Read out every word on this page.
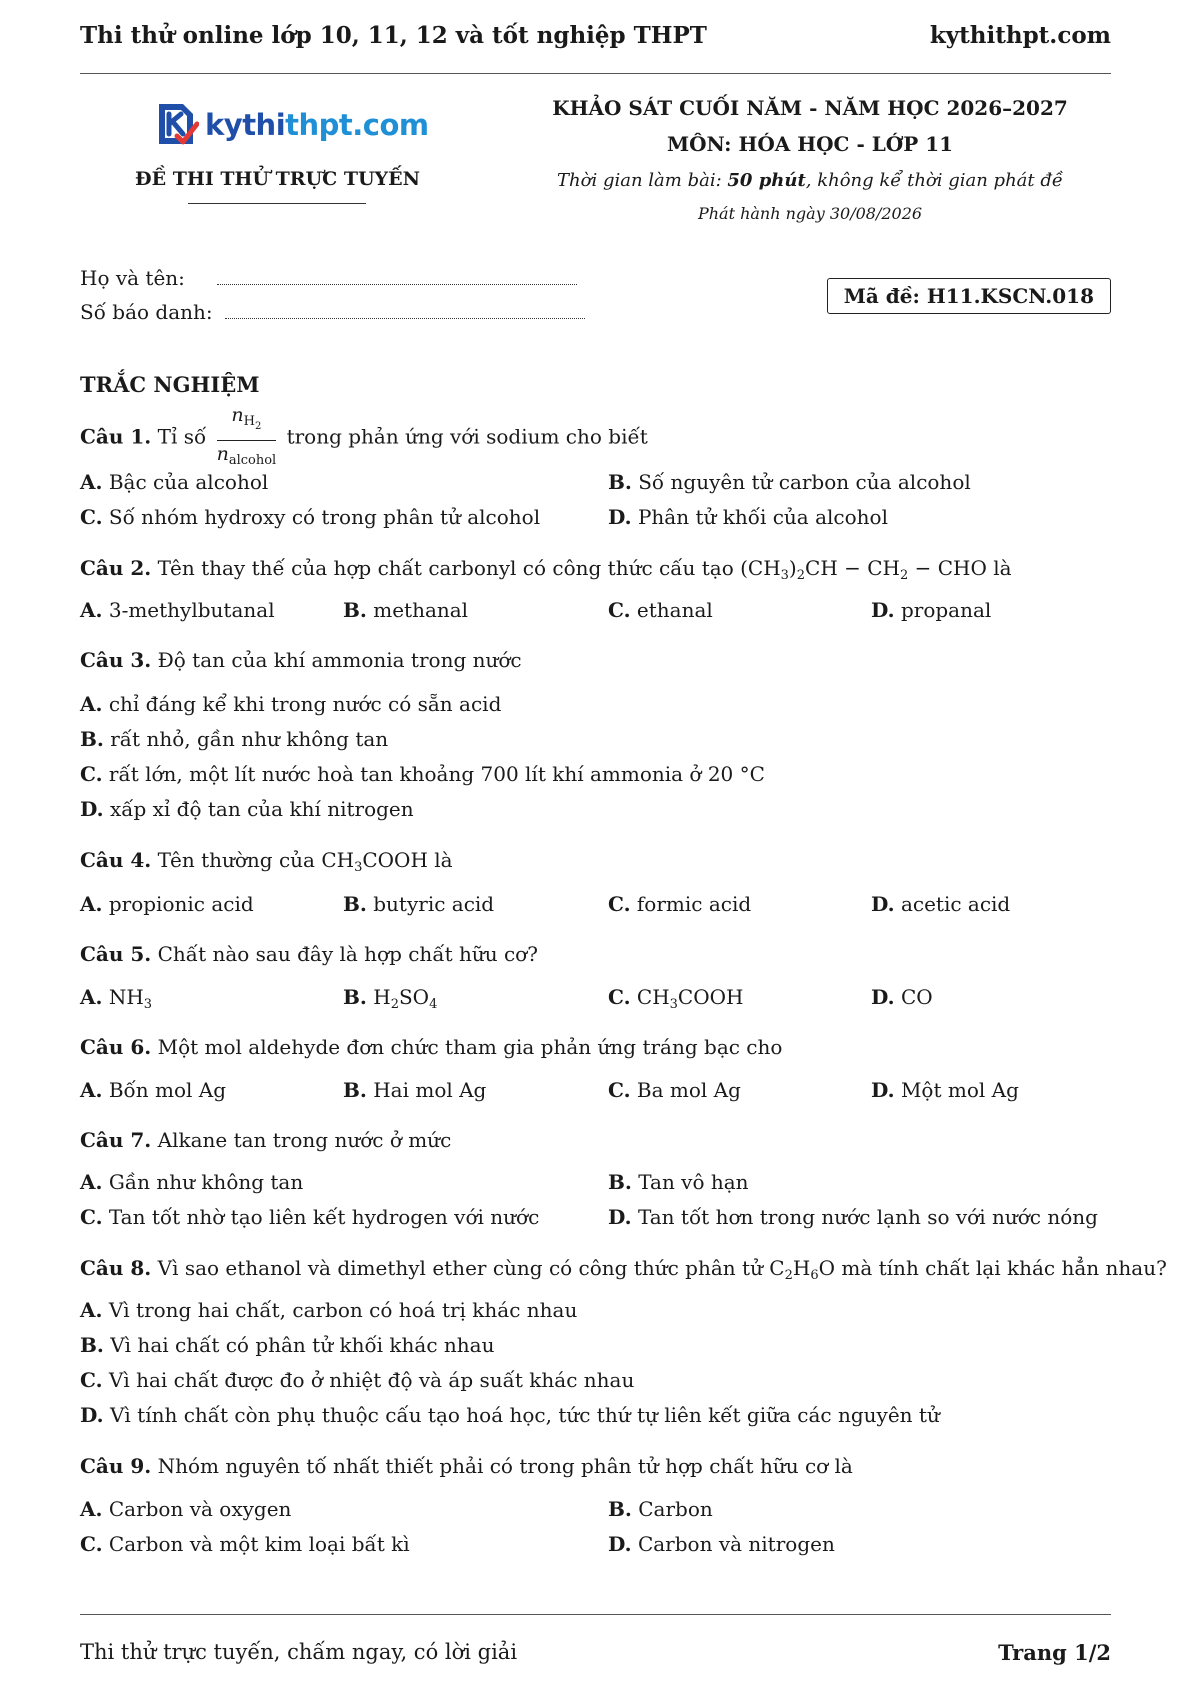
Thi thử online lớp 10, 11, 12 và tốt nghiệp THPT	kythithpt.com
kythithpt.com
ĐỀ THI THỬ TRỰC TUYẾN
KHẢO SÁT CUỐI NĂM - NĂM HỌC 2026–2027
MÔN: HÓA HỌC - LỚP 11
Thời gian làm bài: 50 phút, không kể thời gian phát đề
Phát hành ngày 30/08/2026
Họ và tên:
Số báo danh:
Mã đề: H11.KSCN.018
TRẮC NGHIỆM
Câu 1. Tỉ số $\frac{n_{H_2}}{n_{alcohol}}$ trong phản ứng với sodium cho biết
A. Bậc của alcohol	B. Số nguyên tử carbon của alcohol
C. Số nhóm hydroxy có trong phân tử alcohol	D. Phân tử khối của alcohol
Câu 2. Tên thay thế của hợp chất carbonyl có công thức cấu tạo $(CH_3)_2CH - CH_2$ − CHO là
A. 3-methylbutanal	B. methanal	C. ethanal	D. propanal
Câu 3. Độ tan của khí ammonia trong nước
A. chỉ đáng kể khi trong nước có sẵn acid
B. rất nhỏ, gần như không tan
C. rất lớn, một lít nước hoà tan khoảng 700 lít khí ammonia ở 20 °C
D. xấp xỉ độ tan của khí nitrogen
Câu 4. Tên thường của $CH_3COOH$ là
A. propionic acid	B. butyric acid	C. formic acid	D. acetic acid
Câu 5. Chất nào sau đây là hợp chất hữu cơ?
A. $NH_3$	B. $H_2SO_4$	C. $CH_3COOH$	D. CO
Câu 6. Một mol aldehyde đơn chức tham gia phản ứng tráng bạc cho
A. Bốn mol Ag	B. Hai mol Ag	C. Ba mol Ag	D. Một mol Ag
Câu 7. Alkane tan trong nước ở mức
A. Gần như không tan	B. Tan vô hạn
C. Tan tốt nhờ tạo liên kết hydrogen với nước	D. Tan tốt hơn trong nước lạnh so với nước nóng
Câu 8. Vì sao ethanol và dimethyl ether cùng có công thức phân tử $C_2H_6O$ mà tính chất lại khác hẳn nhau?
A. Vì trong hai chất, carbon có hoá trị khác nhau
B. Vì hai chất có phân tử khối khác nhau
C. Vì hai chất được đo ở nhiệt độ và áp suất khác nhau
D. Vì tính chất còn phụ thuộc cấu tạo hoá học, tức thứ tự liên kết giữa các nguyên tử
Câu 9. Nhóm nguyên tố nhất thiết phải có trong phân tử hợp chất hữu cơ là
A. Carbon và oxygen	B. Carbon
C. Carbon và một kim loại bất kì	D. Carbon và nitrogen
Thi thử trực tuyến, chấm ngay, có lời giải	Trang 1/2
